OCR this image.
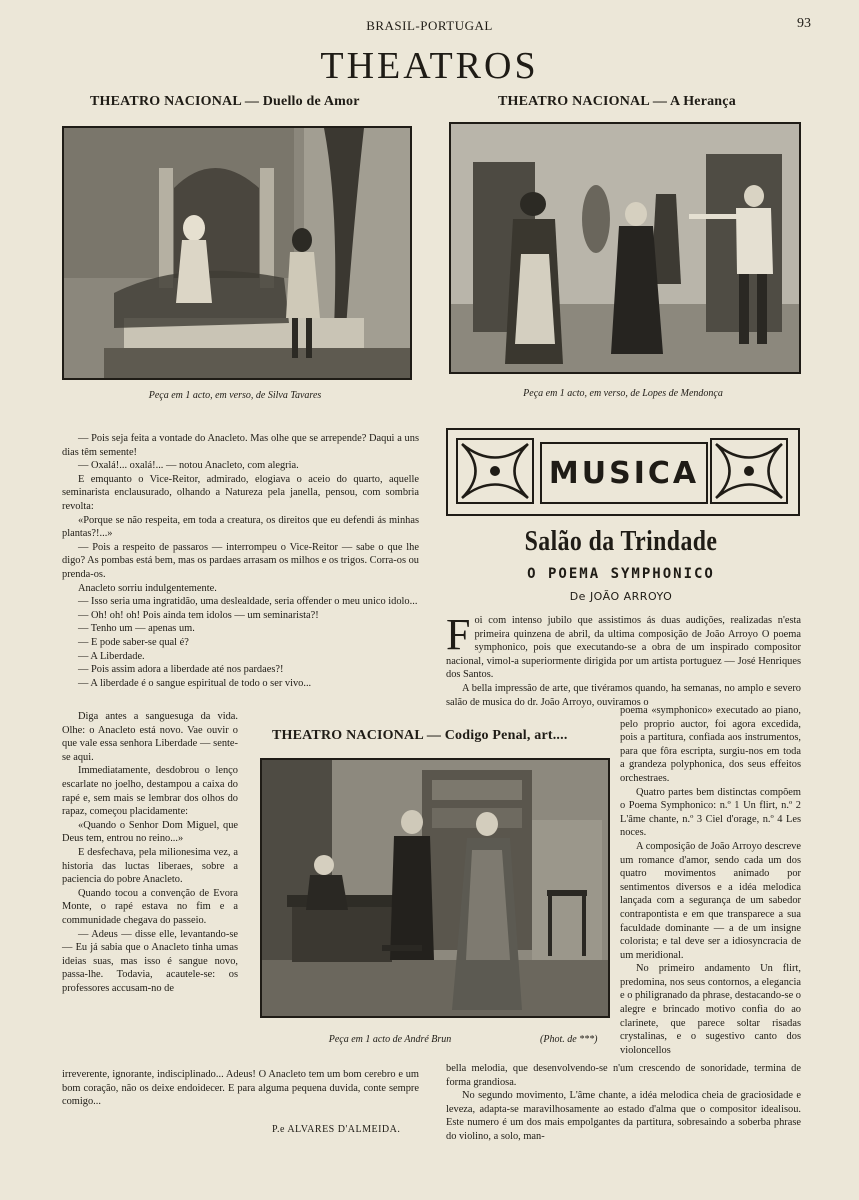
BRASIL-PORTUGAL	93
THEATROS
THEATRO NACIONAL — Duello de Amor
Peça em 1 acto, em verso, de Silva Tavares
THEATRO NACIONAL — A Herança
Peça em 1 acto, em verso, de Lopes de Mendonça

— Pois seja feita a vontade do Anacleto. Mas olhe que se arrepende? Daqui a uns dias têm semente!

— Oxalá!... oxalá!... — notou Anacleto, com alegria.

E emquanto o Vice-Reitor, admirado, elogiava o aceio do quarto, aquelle seminarista enclausurado, olhando a Natureza pela janella, pensou, com sombria revolta:

«Porque se não respeita, em toda a creatura, os direitos que eu defendi ás minhas plantas?!...»

— Pois a respeito de passaros — interrompeu o Vice-Reitor — sabe o que lhe digo? As pombas está bem, mas os pardaes arrasam os milhos e os trigos. Corra-os ou prenda-os.

Anacleto sorriu indulgentemente.

— Isso seria uma ingratidão, uma deslealdade, seria offender o meu unico idolo...

— Oh! oh! oh! Pois ainda tem idolos — um seminarista?!

— Tenho um — apenas um.

— E pode saber-se qual é?

— A Liberdade.

— Pois assim adora a liberdade até nos pardaes?!

— A liberdade é o sangue espiritual de todo o ser vivo...

Diga antes a sanguesuga da vida. Olhe: o Anacleto está novo. Vae ouvir o que vale essa senhora Liberdade — sente-se aqui.

Immediatamente, desdobrou o lenço escarlate no joelho, destampou a caixa do rapé e, sem mais se lembrar dos olhos do rapaz, começou placidamente:

«Quando o Senhor Dom Miguel, que Deus tem, entrou no reino...»

E desfechava, pela milionesima vez, a historia das luctas liberaes, sobre a paciencia do pobre Anacleto.

Quando tocou a convenção de Evora Monte, o rapé estava no fim e a communidade chegava do passeio.

— Adeus — disse elle, levantando-se — Eu já sabia que o Anacleto tinha umas ideias suas, mas isso é sangue novo, passa-lhe. Todavia, acautele-se: os professores accusam-no de

irreverente, ignorante, indisciplinado... Adeus! O Anacleto tem um bom cerebro e um bom coração, não os deixe endoidecer. E para alguma pequena duvida, conte sempre comigo...

P.e ALVARES D'ALMEIDA.
THEATRO NACIONAL — Codigo Penal, art....
Peça em 1 acto de André Brun	(Phot. de ***)
MUSICA
Salão da Trindade
O POEMA SYMPHONICO
De JOÃO ARROYO

Foi com intenso jubilo que assistimos ás duas audições, realizadas n'esta primeira quinzena de abril, da ultima composição de João Arroyo O poema symphonico, pois que executando-se a obra de um inspirado compositor nacional, vimol-a superiormente dirigida por um artista portuguez — José Henriques dos Santos.

A bella impressão de arte, que tivéramos quando, ha semanas, no amplo e severo salão de musica do dr. João Arroyo, ouviramos o

poema «symphonico» executado ao piano, pelo proprio auctor, foi agora excedida, pois a partitura, confiada aos instrumentos, para que fôra escripta, surgiu-nos em toda a grandeza polyphonica, dos seus effeitos orchestraes.

Quatro partes bem distinctas compõem o Poema Symphonico: n.º 1 Un flirt, n.º 2 L'âme chante, n.º 3 Ciel d'orage, n.º 4 Les noces.

A composição de João Arroyo descreve um romance d'amor, sendo cada um dos quatro movimentos animado por sentimentos diversos e a idéa melodica lançada com a segurança de um sabedor contrapontista e em que transparece a sua faculdade dominante — a de um insigne colorista; e tal deve ser a idiosyncracia de um meridional.

No primeiro andamento Un flirt, predomina, nos seus contornos, a elegancia e o philigranado da phrase, destacando-se o alegre e brincado motivo confia do ao clarinete, que parece soltar risadas crystalinas, e o sugestivo canto dos violoncellos

bella melodia, que desenvolvendo-se n'um crescendo de sonoridade, termina de forma grandiosa.

No segundo movimento, L'âme chante, a idéa melodica cheia de graciosidade e leveza, adapta-se maravilhosamente ao estado d'alma que o compositor idealisou. Este numero é um dos mais empolgantes da partitura, sobresaindo a soberba phrase do violino, a solo, man-
